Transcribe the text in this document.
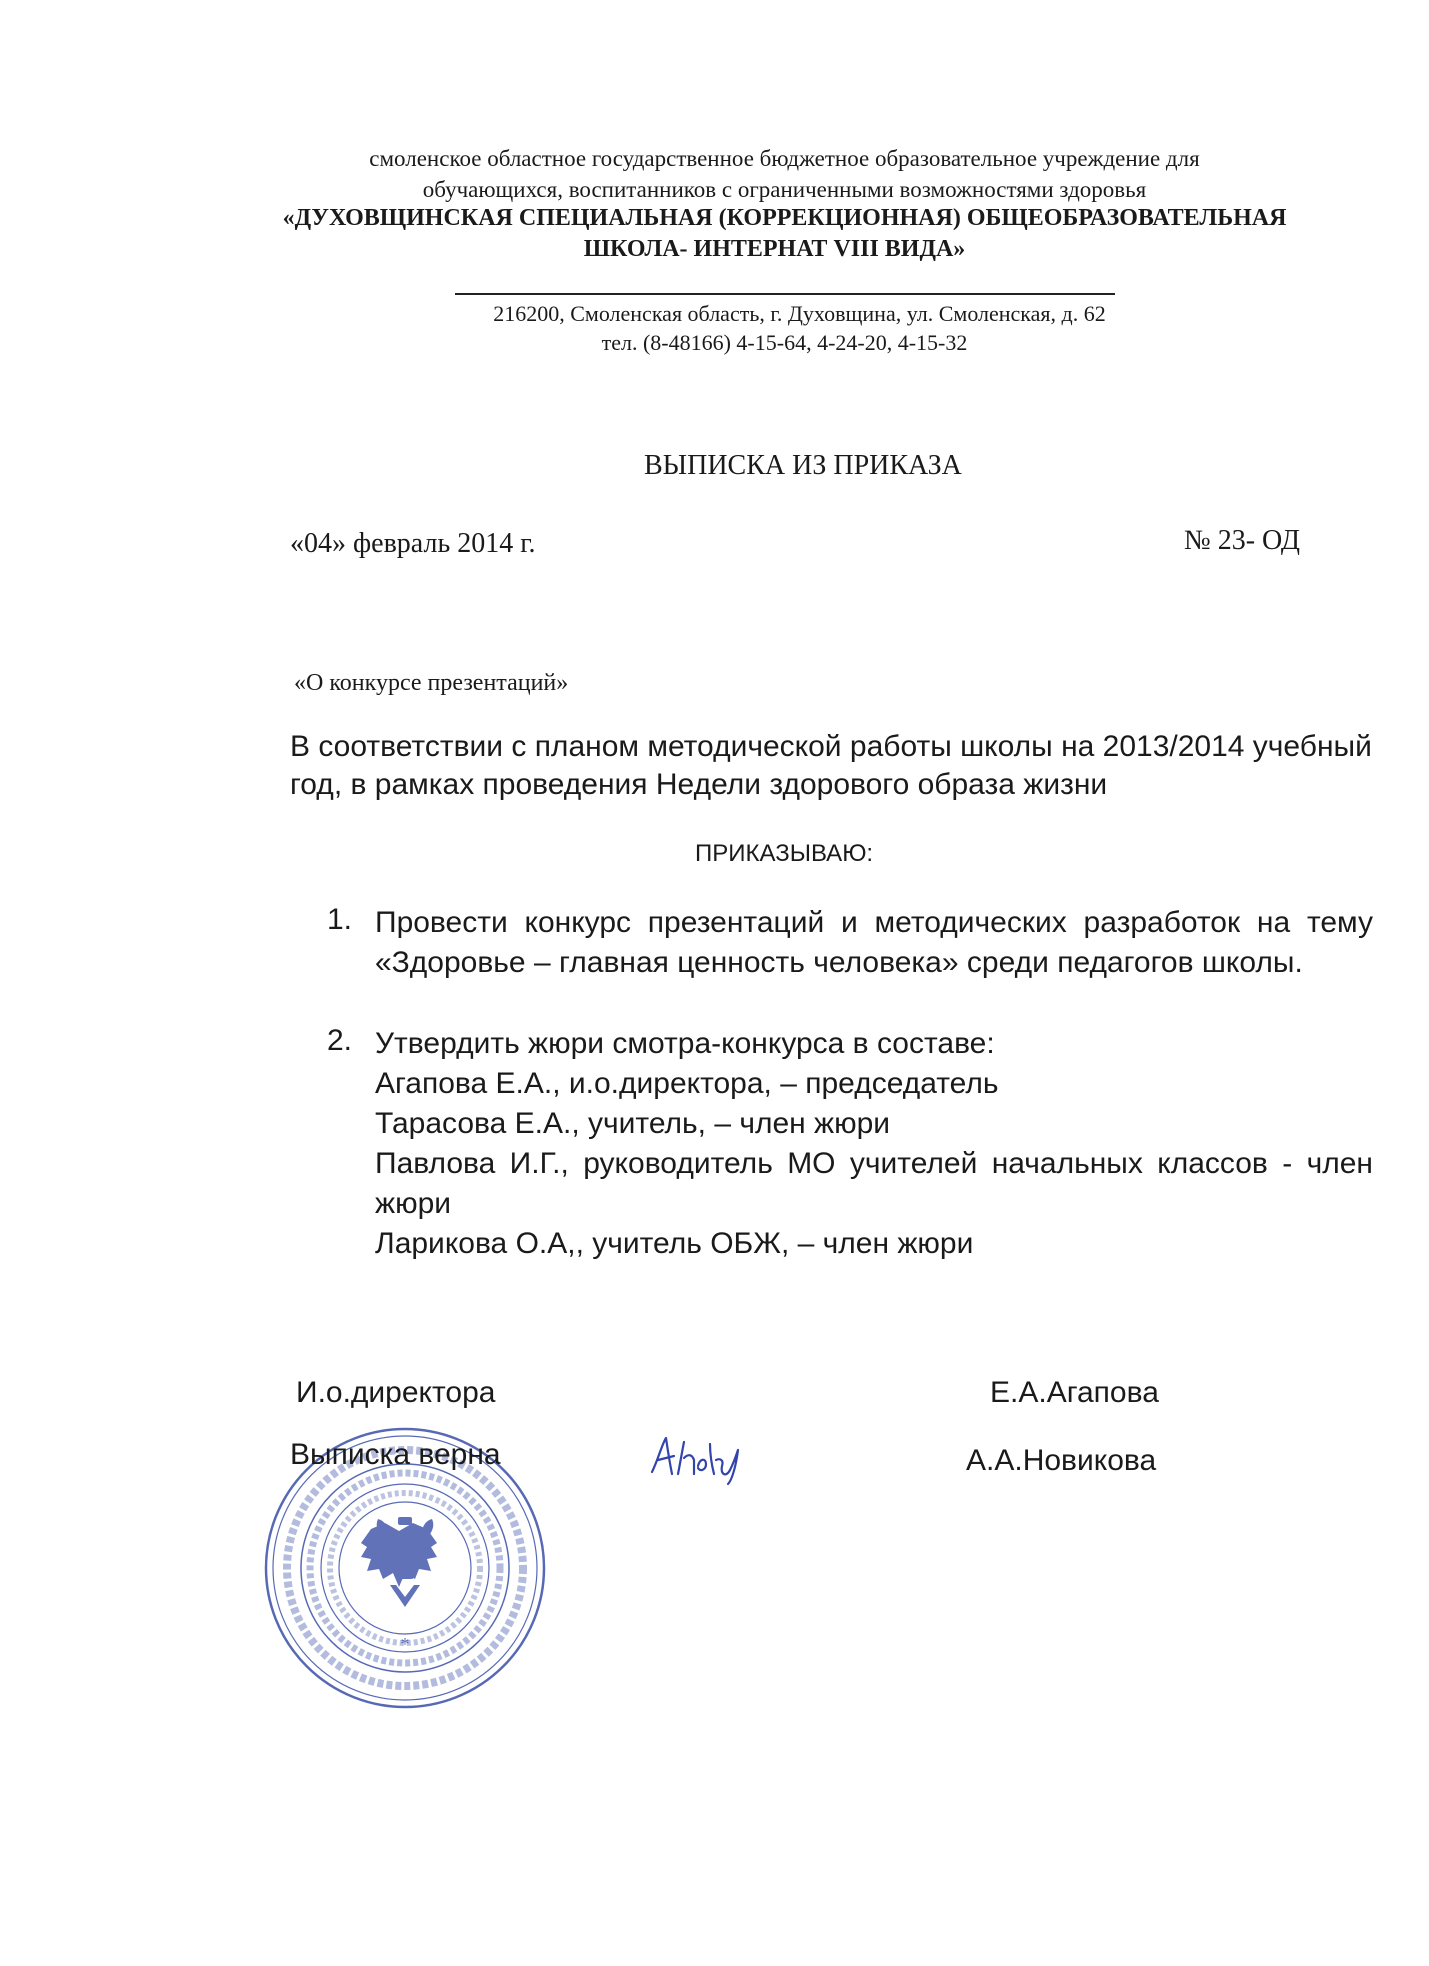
смоленское областное государственное бюджетное образовательное учреждение для
обучающихся, воспитанников с ограниченными возможностями здоровья
«ДУХОВЩИНСКАЯ СПЕЦИАЛЬНАЯ (КОРРЕКЦИОННАЯ) ОБЩЕОБРАЗОВАТЕЛЬНАЯ
ШКОЛА- ИНТЕРНАТ VIII ВИДА»
216200, Смоленская область, г. Духовщина, ул. Смоленская, д. 62
тел. (8-48166) 4-15-64, 4-24-20, 4-15-32
ВЫПИСКА ИЗ ПРИКАЗА
«04» февраль 2014 г.	№ 23- ОД
«О конкурсе презентаций»
В соответствии с планом методической работы школы на 2013/2014 учебный
год, в рамках проведения Недели здорового образа жизни
ПРИКАЗЫВАЮ:
1. Провести конкурс презентаций и методических разработок на тему
«Здоровье – главная ценность человека» среди педагогов школы.
2. Утвердить жюри смотра-конкурса в составе:
Агапова Е.А., и.о.директора, – председатель
Тарасова Е.А., учитель, – член жюри
Павлова И.Г., руководитель МО учителей начальных классов - член
жюри
Ларикова О.А,, учитель ОБЖ, – член жюри
И.о.директора	Е.А.Агапова
*
Выписка верна	А.А.Новикова
